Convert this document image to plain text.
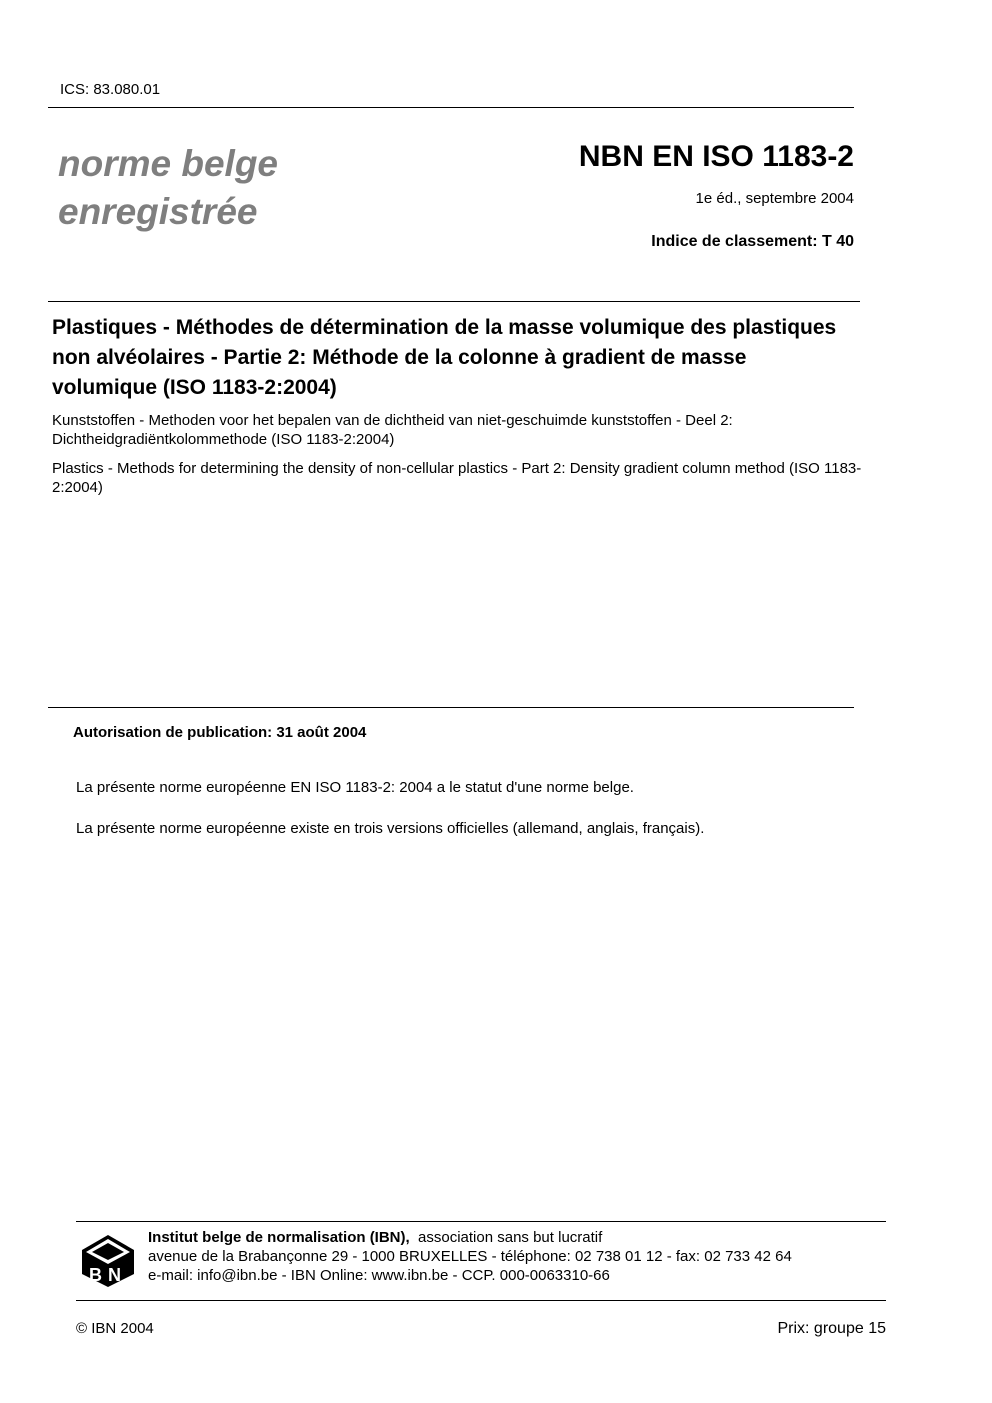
ICS: 83.080.01
norme belge
enregistrée
NBN EN ISO 1183-2
1e éd., septembre 2004
Indice de classement: T 40
Plastiques - Méthodes de détermination de la masse volumique des plastiques non alvéolaires - Partie 2: Méthode de la colonne à gradient de masse volumique (ISO 1183-2:2004)
Kunststoffen - Methoden voor het bepalen van de dichtheid van niet-geschuimde kunststoffen - Deel 2: Dichtheidgradiëntkolommethode (ISO 1183-2:2004)
Plastics - Methods for determining the density of non-cellular plastics - Part 2: Density gradient column method (ISO 1183-2:2004)
Autorisation de publication: 31 août 2004
La présente norme européenne EN ISO 1183-2: 2004 a le statut d'une norme belge.
La présente norme européenne existe en trois versions officielles (allemand, anglais, français).
B N
Institut belge de normalisation (IBN), association sans but lucratif
avenue de la Brabançonne 29 - 1000 BRUXELLES - téléphone: 02 738 01 12 - fax: 02 733 42 64
e-mail: info@ibn.be - IBN Online: www.ibn.be - CCP. 000-0063310-66
© IBN 2004	Prix: groupe 15
